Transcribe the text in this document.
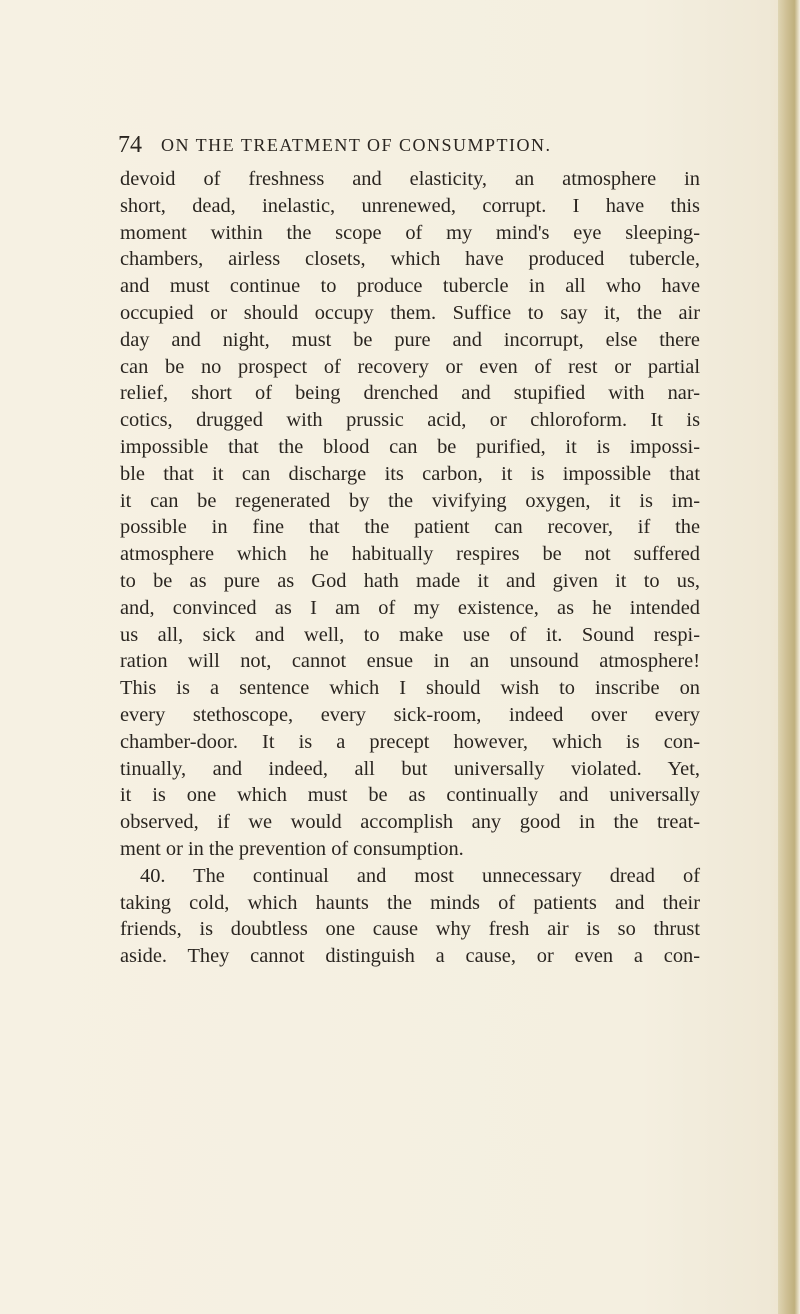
74 ON THE TREATMENT OF CONSUMPTION.
devoid of freshness and elasticity, an atmosphere in
short, dead, inelastic, unrenewed, corrupt. I have this
moment within the scope of my mind's eye sleeping-
chambers, airless closets, which have produced tubercle,
and must continue to produce tubercle in all who have
occupied or should occupy them. Suffice to say it, the air
day and night, must be pure and incorrupt, else there
can be no prospect of recovery or even of rest or partial
relief, short of being drenched and stupified with nar-
cotics, drugged with prussic acid, or chloroform. It is
impossible that the blood can be purified, it is impossi-
ble that it can discharge its carbon, it is impossible that
it can be regenerated by the vivifying oxygen, it is im-
possible in fine that the patient can recover, if the
atmosphere which he habitually respires be not suffered
to be as pure as God hath made it and given it to us,
and, convinced as I am of my existence, as he intended
us all, sick and well, to make use of it. Sound respi-
ration will not, cannot ensue in an unsound atmosphere!
This is a sentence which I should wish to inscribe on
every stethoscope, every sick-room, indeed over every
chamber-door. It is a precept however, which is con-
tinually, and indeed, all but universally violated. Yet,
it is one which must be as continually and universally
observed, if we would accomplish any good in the treat-
ment or in the prevention of consumption.
40. The continual and most unnecessary dread of
taking cold, which haunts the minds of patients and their
friends, is doubtless one cause why fresh air is so thrust
aside. They cannot distinguish a cause, or even a con-
